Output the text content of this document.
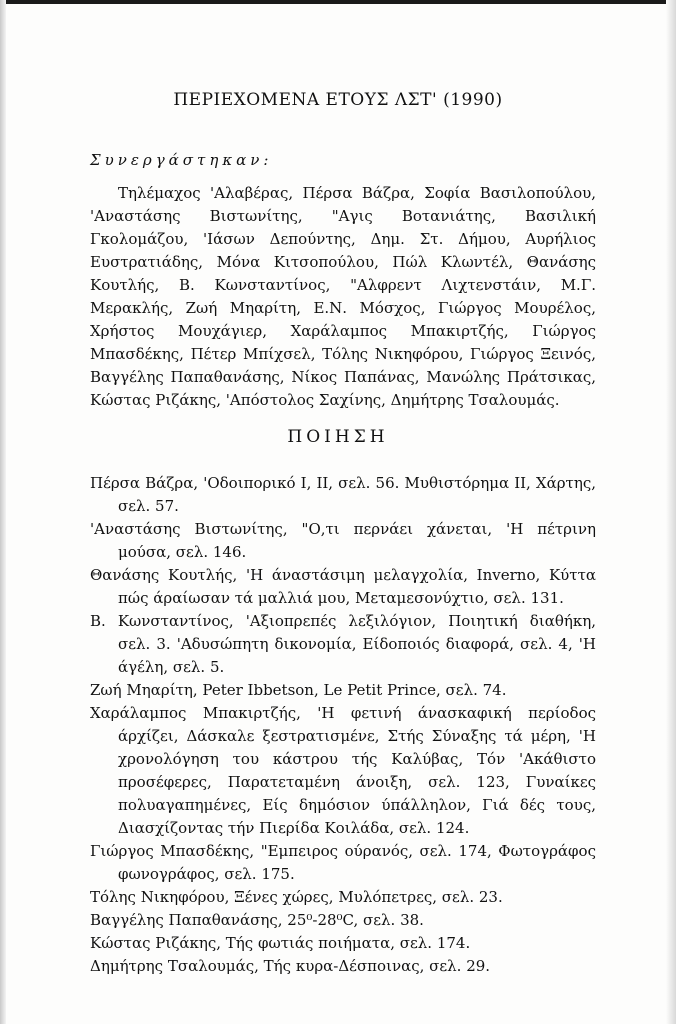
ΠΕΡΙΕΧΟΜΕΝΑ ΕΤΟΥΣ ΛΣΤ' (1990)
Συνεργάστηκαν:
Τηλέμαχος 'Αλαβέρας, Πέρσα Βάζρα, Σοφία Βασιλοπούλου, 'Αναστάσης Βιστωνίτης, "Αγις Βοτανιάτης, Βασιλική Γκολομάζου, 'Ιάσων Δεπούντης, Δημ. Στ. Δήμου, Αυρήλιος Ευστρατιάδης, Μόνα Κιτσοπούλου, Πώλ Κλωντέλ, Θανάσης Κουτλής, Β. Κωνσταντίνος, "Αλφρεντ Λιχτενστάιν, Μ.Γ. Μερακλής, Ζωή Μηαρίτη, Ε.Ν. Μόσχος, Γιώργος Μουρέλος, Χρήστος Μουχάγιερ, Χαράλαμπος Μπακιρτζής, Γιώργος Μπασδέκης, Πέτερ Μπίχσελ, Τόλης Νικηφόρου, Γιώργος Ξεινός, Βαγγέλης Παπαθανάσης, Νίκος Παπάνας, Μανώλης Πράτσικας, Κώστας Ριζάκης, 'Απόστολος Σαχίνης, Δημήτρης Τσαλουμάς.
ΠΟΙΗΣΗ
Πέρσα Βάζρα, 'Οδοιπορικό Ι, ΙΙ, σελ. 56. Μυθιστόρημα ΙΙ, Χάρτης, σελ. 57.
'Αναστάσης Βιστωνίτης, "Ο,τι περνάει χάνεται, 'Η πέτρινη μούσα, σελ. 146.
Θανάσης Κουτλής, 'Η άναστάσιμη μελαγχολία, Inverno, Κύττα πώς άραίωσαν τά μαλλιά μου, Μεταμεσονύχτιο, σελ. 131.
Β. Κωνσταντίνος, 'Αξιοπρεπές λεξιλόγιον, Ποιητική διαθήκη, σελ. 3. 'Αδυσώπητη δικονομία, Είδοποιός διαφορά, σελ. 4, 'Η άγέλη, σελ. 5.
Ζωή Μηαρίτη, Peter Ibbetson, Le Petit Prince, σελ. 74.
Χαράλαμπος Μπακιρτζής, 'Η φετινή άνασκαφική περίοδος άρχίζει, Δάσκαλε ξεστρατισμένε, Στής Σύναξης τά μέρη, 'Η χρονολόγηση του κάστρου τής Καλύβας, Τόν 'Ακάθιστο προσέφερες, Παρατεταμένη άνοιξη, σελ. 123, Γυναίκες πολυαγαπημένες, Είς δημόσιον ύπάλληλον, Γιά δές τους, Διασχίζοντας τήν Πιερίδα Κοιλάδα, σελ. 124.
Γιώργος Μπασδέκης, "Εμπειρος ούρανός, σελ. 174, Φωτογράφος φωνογράφος, σελ. 175.
Τόλης Νικηφόρου, Ξένες χώρες, Μυλόπετρες, σελ. 23.
Βαγγέλης Παπαθανάσης, 25⁰-28⁰C, σελ. 38.
Κώστας Ριζάκης, Τής φωτιάς ποιήματα, σελ. 174.
Δημήτρης Τσαλουμάς, Τής κυρα-Δέσποινας, σελ. 29.
